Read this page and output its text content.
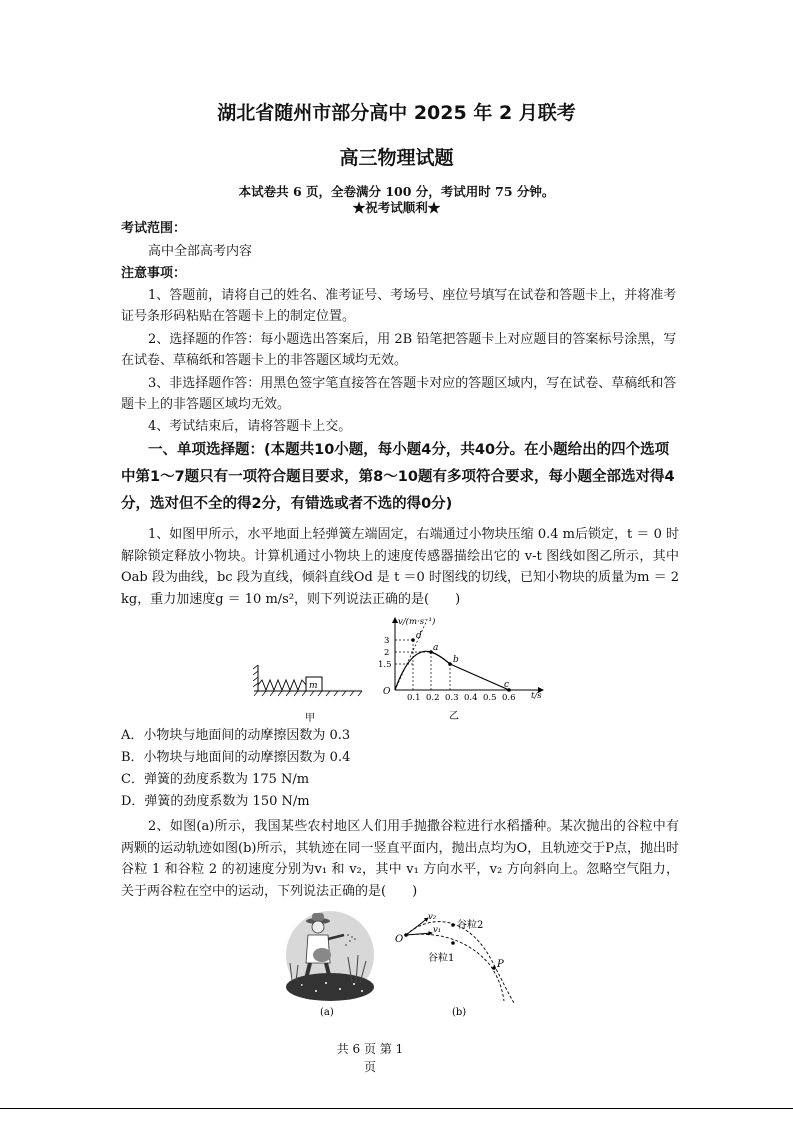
湖北省随州市部分高中 2025 年 2 月联考
高三物理试题
本试卷共 6 页，全卷满分 100 分，考试用时 75 分钟。
★祝考试顺利★
考试范围：
高中全部高考内容
注意事项：
1、答题前，请将自己的姓名、准考证号、考场号、座位号填写在试卷和答题卡上，并将准考证号条形码粘贴在答题卡上的制定位置。
2、选择题的作答：每小题选出答案后，用 2B 铅笔把答题卡上对应题目的答案标号涂黑，写在试卷、草稿纸和答题卡上的非答题区域均无效。
3、非选择题作答：用黑色签字笔直接答在答题卡对应的答题区域内，写在试卷、草稿纸和答题卡上的非答题区域均无效。
4、考试结束后，请将答题卡上交。
一、单项选择题：(本题共10小题，每小题4分，共40分。在小题给出的四个选项中第1～7题只有一项符合题目要求，第8～10题有多项符合要求，每小题全部选对得4分，选对但不全的得2分，有错选或者不选的得0分)
1、如图甲所示，水平地面上轻弹簧左端固定，右端通过小物块压缩 0.4 m后锁定，t ＝ 0 时解除锁定释放小物块。计算机通过小物块上的速度传感器描绘出它的 v-t 图线如图乙所示，其中Oab 段为曲线，bc 段为直线，倾斜直线Od 是 t ＝0 时图线的切线，已知小物块的质量为m ＝ 2 kg，重力加速度g ＝ 10 m/s²，则下列说法正确的是(　　)
m
甲
v/(m·s⁻¹)
t/s
O
3
2
1.5
0.1 0.2 0.3 0.4 0.5 0.6
d
a
b
c
乙
A．小物块与地面间的动摩擦因数为 0.3
B．小物块与地面间的动摩擦因数为 0.4
C．弹簧的劲度系数为 175 N/m
D．弹簧的劲度系数为 150 N/m
2、如图(a)所示，我国某些农村地区人们用手抛撒谷粒进行水稻播种。某次抛出的谷粒中有两颗的运动轨迹如图(b)所示，其轨迹在同一竖直平面内，抛出点均为O，且轨迹交于P点，抛出时谷粒 1 和谷粒 2 的初速度分别为v₁ 和 v₂，其中 v₁ 方向水平，v₂ 方向斜向上。忽略空气阻力，关于两谷粒在空中的运动，下列说法正确的是(　　)
(a)
O
v₂
v₁ 谷粒2
谷粒1
P
(b)
共 6 页 第 1
页
